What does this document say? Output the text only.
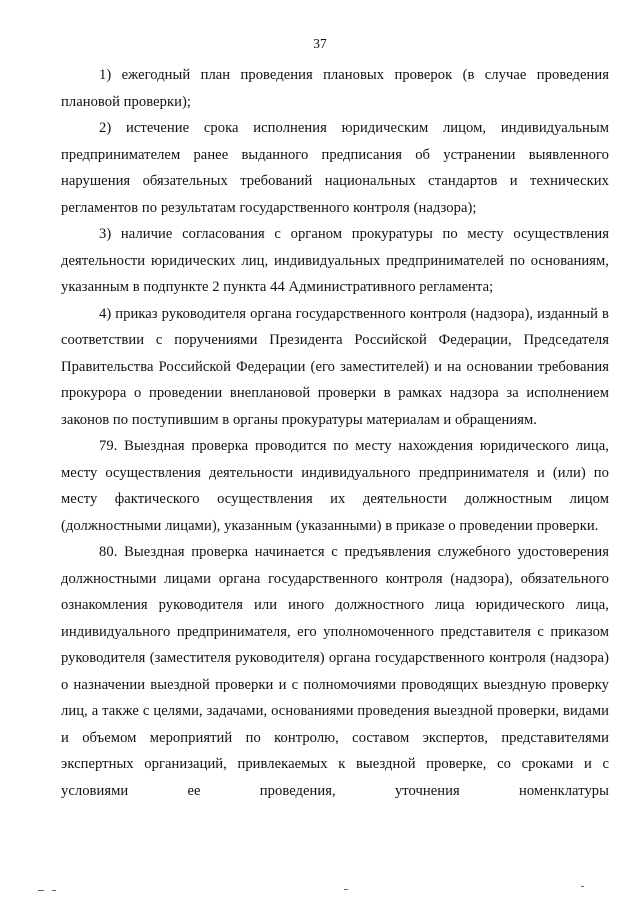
37

1) ежегодный план проведения плановых проверок (в случае проведения плановой проверки);

2) истечение срока исполнения юридическим лицом, индивидуальным предпринимателем ранее выданного предписания об устранении выявленного нарушения обязательных требований национальных стандартов и технических регламентов по результатам государственного контроля (надзора);

3) наличие согласования с органом прокуратуры по месту осуществления деятельности юридических лиц, индивидуальных предпринимателей по основаниям, указанным в подпункте 2 пункта 44 Административного регламента;

4) приказ руководителя органа государственного контроля (надзора), изданный в соответствии с поручениями Президента Российской Федерации, Председателя Правительства Российской Федерации (его заместителей) и на основании требования прокурора о проведении внеплановой проверки в рамках надзора за исполнением законов по поступившим в органы прокуратуры материалам и обращениям.

79. Выездная проверка проводится по месту нахождения юридического лица, месту осуществления деятельности индивидуального предпринимателя и (или) по месту фактического осуществления их деятельности должностным лицом (должностными лицами), указанным (указанными) в приказе о проведении проверки.

80. Выездная проверка начинается с предъявления служебного удостоверения должностными лицами органа государственного контроля (надзора), обязательного ознакомления руководителя или иного должностного лица юридического лица, индивидуального предпринимателя, его уполномоченного представителя с приказом руководителя (заместителя руководителя) органа государственного контроля (надзора) о назначении выездной проверки и с полномочиями проводящих выездную проверку лиц, а также с целями, задачами, основаниями проведения выездной проверки, видами и объемом мероприятий по контролю, составом экспертов, представителями экспертных организаций, привлекаемых к выездной проверке, со сроками и с условиями ее проведения, уточнения номенклатуры
